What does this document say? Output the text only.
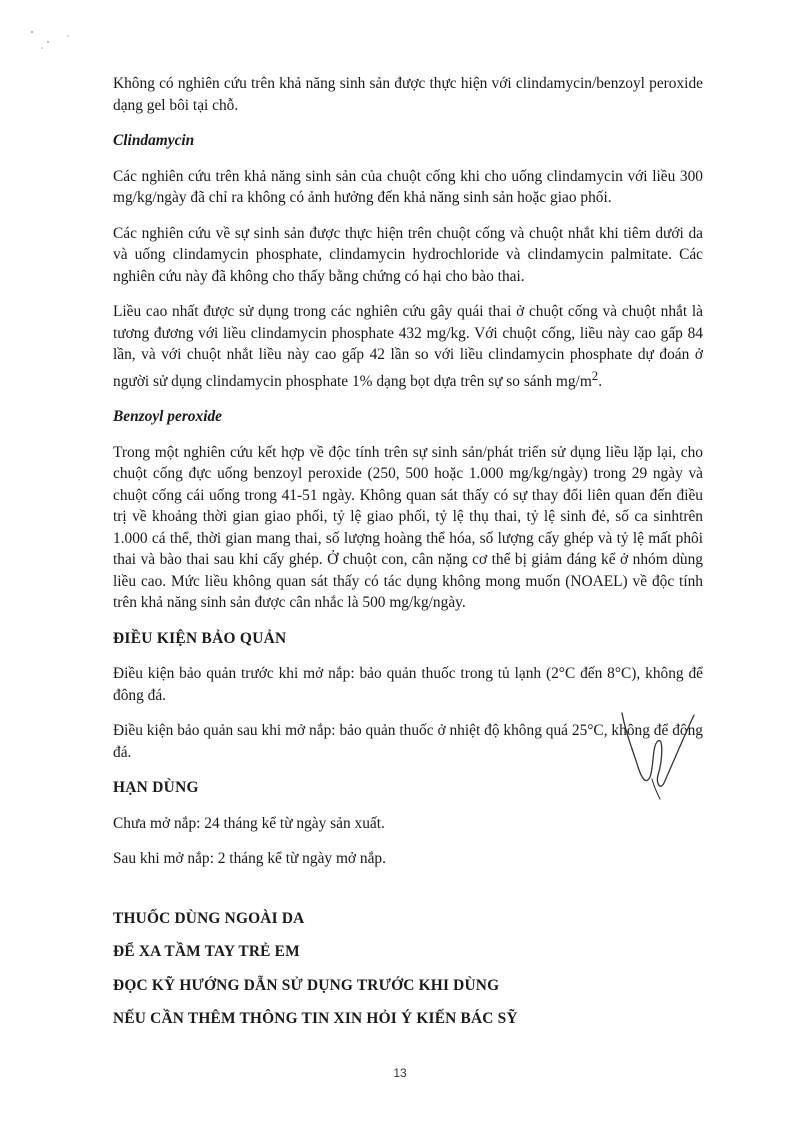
Không có nghiên cứu trên khả năng sinh sản được thực hiện với clindamycin/benzoyl peroxide dạng gel bôi tại chỗ.

Clindamycin

Các nghiên cứu trên khả năng sinh sản của chuột cống khi cho uống clindamycin với liều 300 mg/kg/ngày đã chỉ ra không có ảnh hưởng đến khả năng sinh sản hoặc giao phối.

Các nghiên cứu về sự sinh sản được thực hiện trên chuột cống và chuột nhắt khi tiêm dưới da và uống clindamycin phosphate, clindamycin hydrochloride và clindamycin palmitate. Các nghiên cứu này đã không cho thấy bằng chứng có hại cho bào thai.

Liều cao nhất được sử dụng trong các nghiên cứu gây quái thai ở chuột cống và chuột nhắt là tương đương với liều clindamycin phosphate 432 mg/kg. Với chuột cống, liều này cao gấp 84 lần, và với chuột nhắt liều này cao gấp 42 lần so với liều clindamycin phosphate dự đoán ở người sử dụng clindamycin phosphate 1% dạng bọt dựa trên sự so sánh $mg/m^2$.

Benzoyl peroxide

Trong một nghiên cứu kết hợp về độc tính trên sự sinh sản/phát triển sử dụng liều lặp lại, cho chuột cống đực uống benzoyl peroxide (250, 500 hoặc 1.000 mg/kg/ngày) trong 29 ngày và chuột cống cái uống trong 41-51 ngày. Không quan sát thấy có sự thay đổi liên quan đến điều trị về khoảng thời gian giao phối, tỷ lệ giao phối, tỷ lệ thụ thai, tỷ lệ sinh đẻ, số ca sinhtrên 1.000 cá thể, thời gian mang thai, số lượng hoàng thể hóa, số lượng cấy ghép và tỷ lệ mất phôi thai và bào thai sau khi cấy ghép. Ở chuột con, cân nặng cơ thể bị giảm đáng kể ở nhóm dùng liều cao. Mức liều không quan sát thấy có tác dụng không mong muốn (NOAEL) về độc tính trên khả năng sinh sản được cân nhắc là 500 mg/kg/ngày.

ĐIỀU KIỆN BẢO QUẢN

Điều kiện bảo quản trước khi mở nắp: bảo quản thuốc trong tủ lạnh (2°C đến 8°C), không để đông đá.

Điều kiện bảo quản sau khi mở nắp: bảo quản thuốc ở nhiệt độ không quá 25°C, không để đông đá.

HẠN DÙNG

Chưa mở nắp: 24 tháng kể từ ngày sản xuất.

Sau khi mở nắp: 2 tháng kể từ ngày mở nắp.

THUỐC DÙNG NGOÀI DA
ĐỂ XA TẦM TAY TRẺ EM
ĐỌC KỸ HƯỚNG DẪN SỬ DỤNG TRƯỚC KHI DÙNG
NẾU CẦN THÊM THÔNG TIN XIN HỎI Ý KIẾN BÁC SỸ
13
